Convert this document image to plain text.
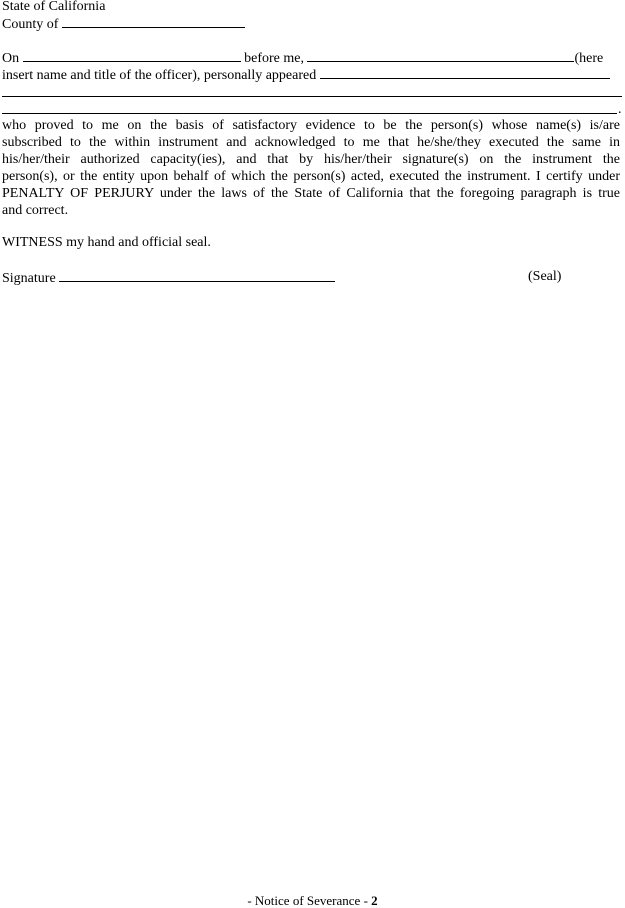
State of California
County of
On	before me,	(here
insert name and title of the officer), personally appeared
.
who proved to me on the basis of satisfactory evidence to be the person(s) whose name(s) is/are
subscribed to the within instrument and acknowledged to me that he/she/they executed the same in
his/her/their authorized capacity(ies), and that by his/her/their signature(s) on the instrument the
person(s), or the entity upon behalf of which the person(s) acted, executed the instrument. I certify under
PENALTY OF PERJURY under the laws of the State of California that the foregoing paragraph is true
and correct.
WITNESS my hand and official seal.
Signature	(Seal)
- Notice of Severance - 2
